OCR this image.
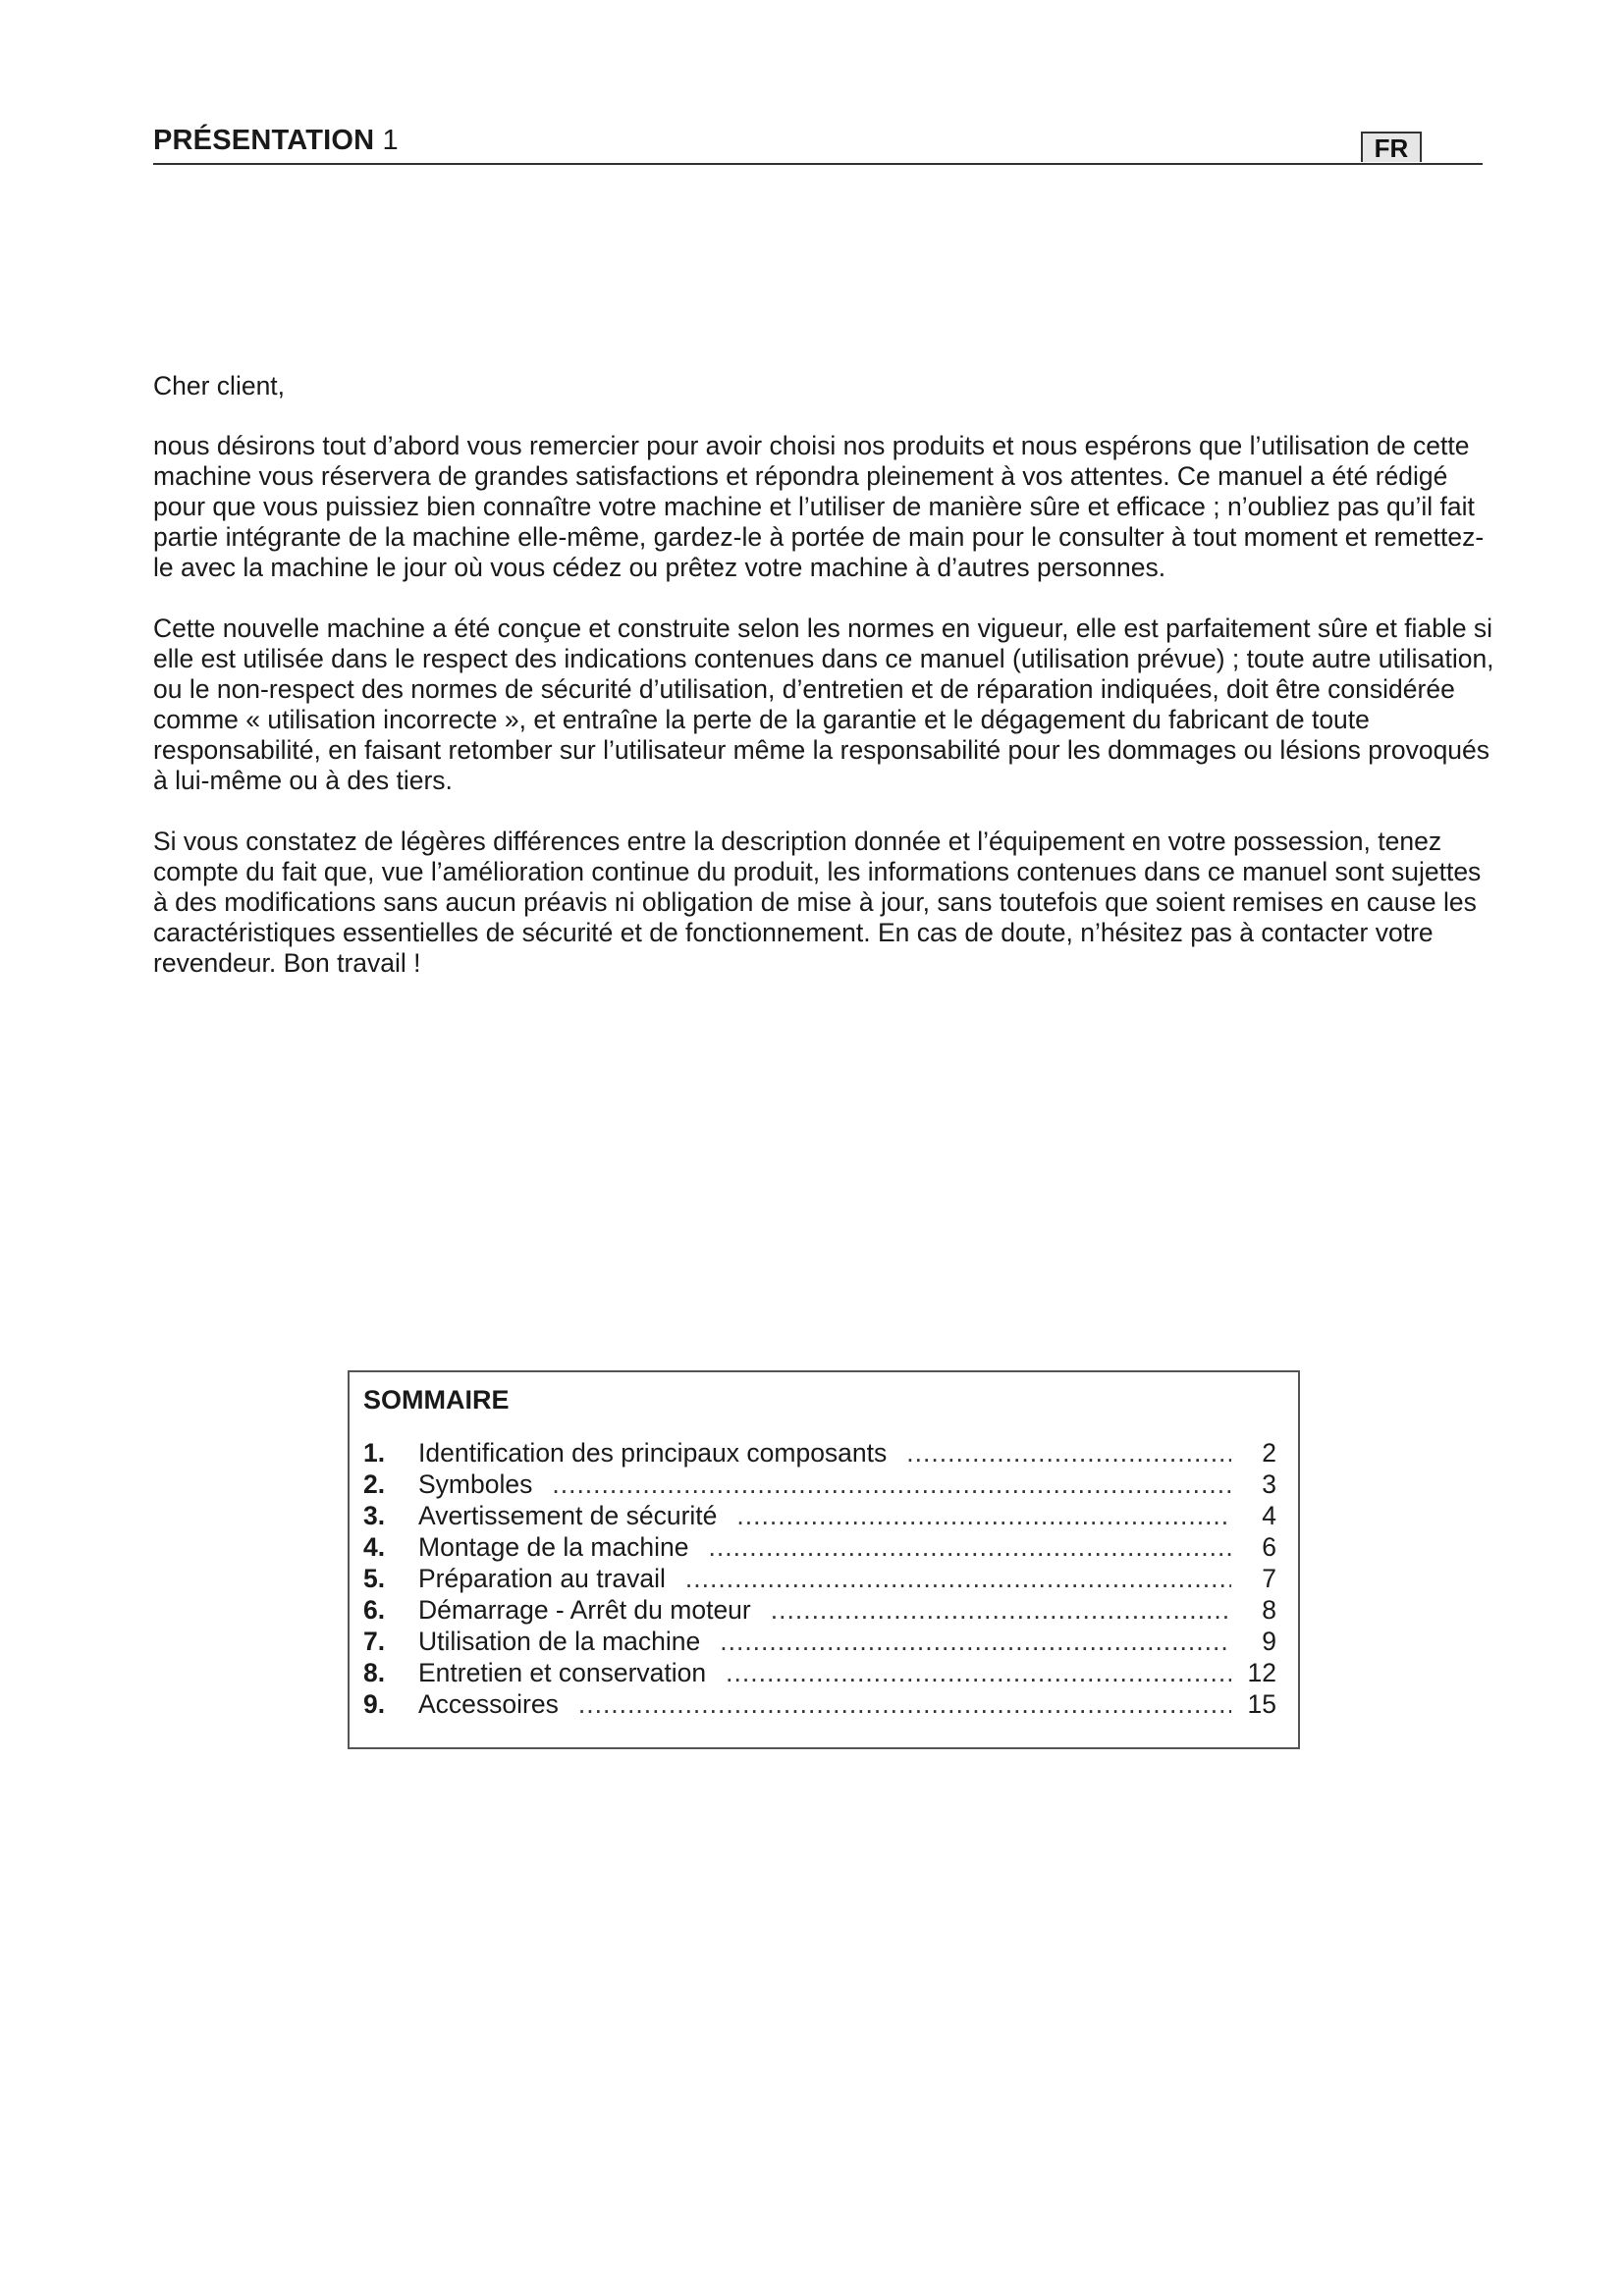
PRÉSENTATION 1	FR

Cher client,

nous désirons tout d’abord vous remercier pour avoir choisi nos produits et nous espérons que l’utilisation de cette machine vous réservera de grandes satisfactions et répondra pleinement à vos attentes. Ce manuel a été rédigé pour que vous puissiez bien connaître votre machine et l’utiliser de manière sûre et efficace ; n’oubliez pas qu’il fait partie intégrante de la machine elle-même, gardez-le à portée de main pour le consulter à tout moment et remettez-le avec la machine le jour où vous cédez ou prêtez votre machine à d’autres personnes.

Cette nouvelle machine a été conçue et construite selon les normes en vigueur, elle est parfaitement sûre et fiable si elle est utilisée dans le respect des indications contenues dans ce manuel (utilisation prévue) ; toute autre utilisation, ou le non-respect des normes de sécurité d’utilisation, d’entretien et de réparation indiquées, doit être considérée comme « utilisation incorrecte », et entraîne la perte de la garantie et le dégagement du fabricant de toute responsabilité, en faisant retomber sur l’utilisateur même la responsabilité pour les dommages ou lésions provoqués à lui-même ou à des tiers.

Si vous constatez de légères différences entre la description donnée et l’équipement en votre possession, tenez compte du fait que, vue l’amélioration continue du produit, les informations contenues dans ce manuel sont sujettes à des modifications sans aucun préavis ni obligation de mise à jour, sans toutefois que soient remises en cause les caractéristiques essentielles de sécurité et de fonctionnement. En cas de doute, n’hésitez pas à contacter votre revendeur. Bon travail !

SOMMAIRE
1.	Identification des principaux composants .....	2
2.	Symboles .....	3
3.	Avertissement de sécurité .....	4
4.	Montage de la machine .....	6
5.	Préparation au travail .....	7
6.	Démarrage - Arrêt du moteur .....	8
7.	Utilisation de la machine .....	9
8.	Entretien et conservation .....	12
9.	Accessoires .....	15
